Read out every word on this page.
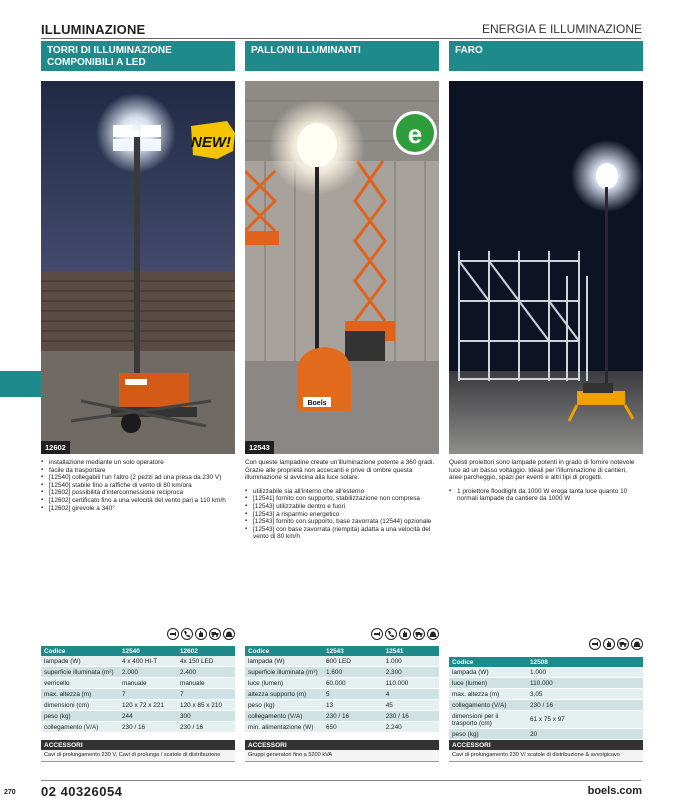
ILLUMINAZIONE	ENERGIA E ILLUMINAZIONE
TORRI DI ILLUMINAZIONE COMPONIBILI A LED
NEW!
12602
▪ installazione mediante un solo operatore
▪ facile da trasportare
▪ [12540] collegabili l'un l'altro (2 pezzi ad una presa da 230 V)
▪ [12540] stabile fino a raffiche di vento di 80 km/ora
▪ [12602] possibilità d'interconnessione reciproca
▪ [12602] certificato fino a una velocità del vento pari a 110 km/h
▪ [12602] girevole a 340°
Codice	12540	12602
lampade (W)	4 x 400 HI-T	4x 150 LED
superficie illuminata (m²)	2.000	2.400
verricello	manuale	manuale
max. altezza (m)	7	7
dimensioni (cm)	120 x 72 x 221	120 x 85 x 210
peso (kg)	244	300
collegamento (V/A)	230 / 16	230 / 16
ACCESSORI
Cavi di prolungamento 230 V, Cavi di prolunga / scatole di distribuzione
PALLONI ILLUMINANTI
Boels
e
12543

Con queste lampadine create un'illuminazione potente a 360 gradi. Grazie alle proprietà non accecanti e prive di ombre questa illuminazione si avvicina alla luce solare.

▪ utilizzabile sia all'interno che all'esterno
▪ [12541] fornito con supporto, stabilizzazione non compresa
▪ [12543] utilizzabile dentro e fuori
▪ [12543] a risparmio energetico
▪ [12543] fornito con supporto, base zavorrata (12544) opzionale
▪ [12543] con base zavorrata (riempita) adatta a una velocità del vento di 80 km/h
Codice	12543	12541
lampada (W)	600 LED	1.000
superficie illuminata (m²)	1.600	2.300
luce (lumen)	60.000	110.000
altezza supporto (m)	5	4
peso (kg)	13	45
collegamento (V/A)	230 / 16	230 / 16
min. alimentazione (W)	650	2.240
ACCESSORI
Gruppi generatori fino a 5200 kVA
FARO

Questi proiettori sono lampade potenti in grado di fornire notevole luce ad un basso voltaggio. Ideali per l'illuminazione di cantieri, aree parcheggio, spazi per eventi e altri tipi di progetti.

▪ 1 proiettore floodlight da 1000 W eroga tanta luce quanto 10 normali lampade da cantiere da 1000 W
Codice	12508
lampada (W)	1.000
luce (lumen)	110.000
max. altezza (m)	3,05
collegamento (V/A)	230 / 16
dimensioni per il trasporto (cm)	61 x 75 x 97
peso (kg)	20
ACCESSORI
Cavi di prolungamento 230 V/ scatole di distribuzione & avvolgicavo
270 02 40326054	boels.com
